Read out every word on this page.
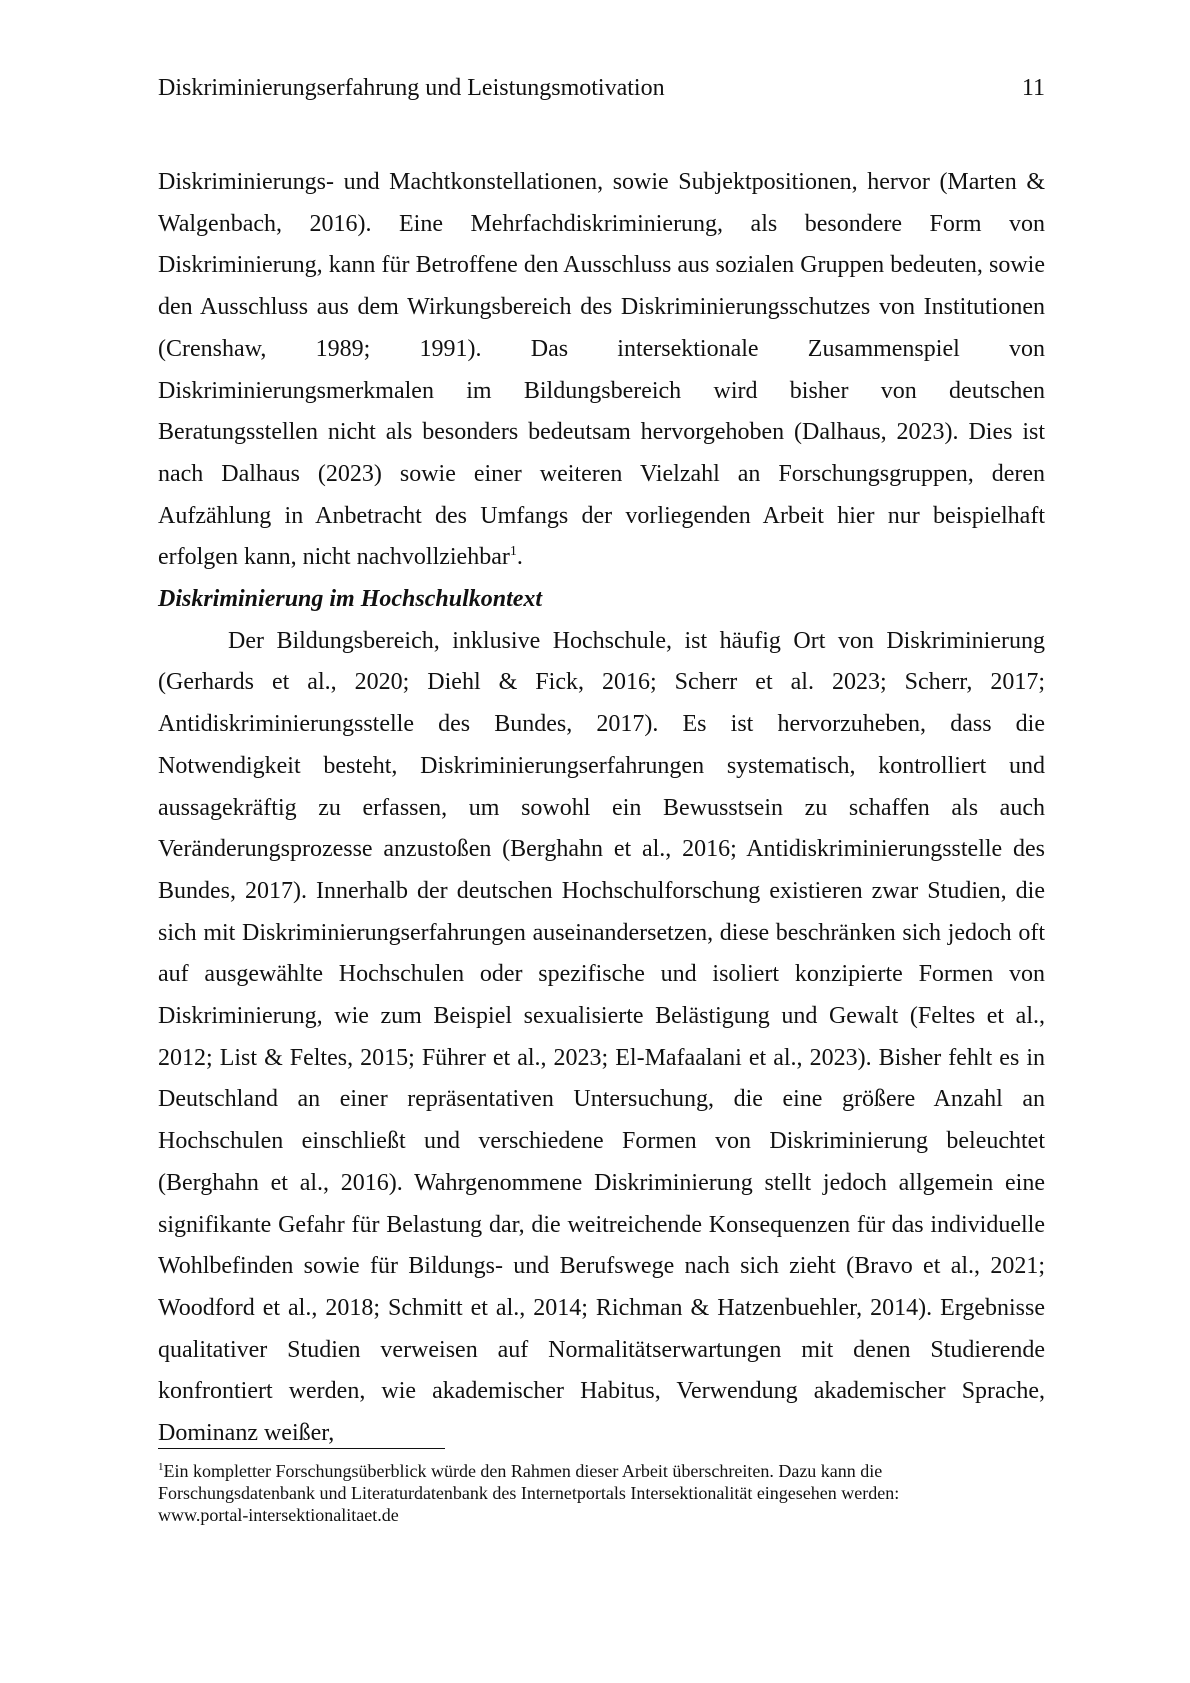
Diskriminierungserfahrung und Leistungsmotivation	11

Diskriminierungs- und Machtkonstellationen, sowie Subjektpositionen, hervor (Marten & Walgenbach, 2016). Eine Mehrfachdiskriminierung, als besondere Form von Diskriminierung, kann für Betroffene den Ausschluss aus sozialen Gruppen bedeuten, sowie den Ausschluss aus dem Wirkungsbereich des Diskriminierungsschutzes von Institutionen (Crenshaw, 1989; 1991). Das intersektionale Zusammenspiel von Diskriminierungsmerkmalen im Bildungsbereich wird bisher von deutschen Beratungsstellen nicht als besonders bedeutsam hervorgehoben (Dalhaus, 2023). Dies ist nach Dalhaus (2023) sowie einer weiteren Vielzahl an Forschungsgruppen, deren Aufzählung in Anbetracht des Umfangs der vorliegenden Arbeit hier nur beispielhaft erfolgen kann, nicht nachvollziehbar$^1$.

Diskriminierung im Hochschulkontext

Der Bildungsbereich, inklusive Hochschule, ist häufig Ort von Diskriminierung (Gerhards et al., 2020; Diehl & Fick, 2016; Scherr et al. 2023; Scherr, 2017; Antidiskriminierungsstelle des Bundes, 2017). Es ist hervorzuheben, dass die Notwendigkeit besteht, Diskriminierungserfahrungen systematisch, kontrolliert und aussagekräftig zu erfassen, um sowohl ein Bewusstsein zu schaffen als auch Veränderungsprozesse anzustoßen (Berghahn et al., 2016; Antidiskriminierungsstelle des Bundes, 2017). Innerhalb der deutschen Hochschulforschung existieren zwar Studien, die sich mit Diskriminierungserfahrungen auseinandersetzen, diese beschränken sich jedoch oft auf ausgewählte Hochschulen oder spezifische und isoliert konzipierte Formen von Diskriminierung, wie zum Beispiel sexualisierte Belästigung und Gewalt (Feltes et al., 2012; List & Feltes, 2015; Führer et al., 2023; El-Mafaalani et al., 2023). Bisher fehlt es in Deutschland an einer repräsentativen Untersuchung, die eine größere Anzahl an Hochschulen einschließt und verschiedene Formen von Diskriminierung beleuchtet (Berghahn et al., 2016). Wahrgenommene Diskriminierung stellt jedoch allgemein eine signifikante Gefahr für Belastung dar, die weitreichende Konsequenzen für das individuelle Wohlbefinden sowie für Bildungs- und Berufswege nach sich zieht (Bravo et al., 2021; Woodford et al., 2018; Schmitt et al., 2014; Richman & Hatzenbuehler, 2014). Ergebnisse qualitativer Studien verweisen auf Normalitätserwartungen mit denen Studierende konfrontiert werden, wie akademischer Habitus, Verwendung akademischer Sprache, Dominanz weißer,

$^1$Ein kompletter Forschungsüberblick würde den Rahmen dieser Arbeit überschreiten. Dazu kann die
Forschungsdatenbank und Literaturdatenbank des Internetportals Intersektionalität eingesehen werden:
www.portal-intersektionalitaet.de
